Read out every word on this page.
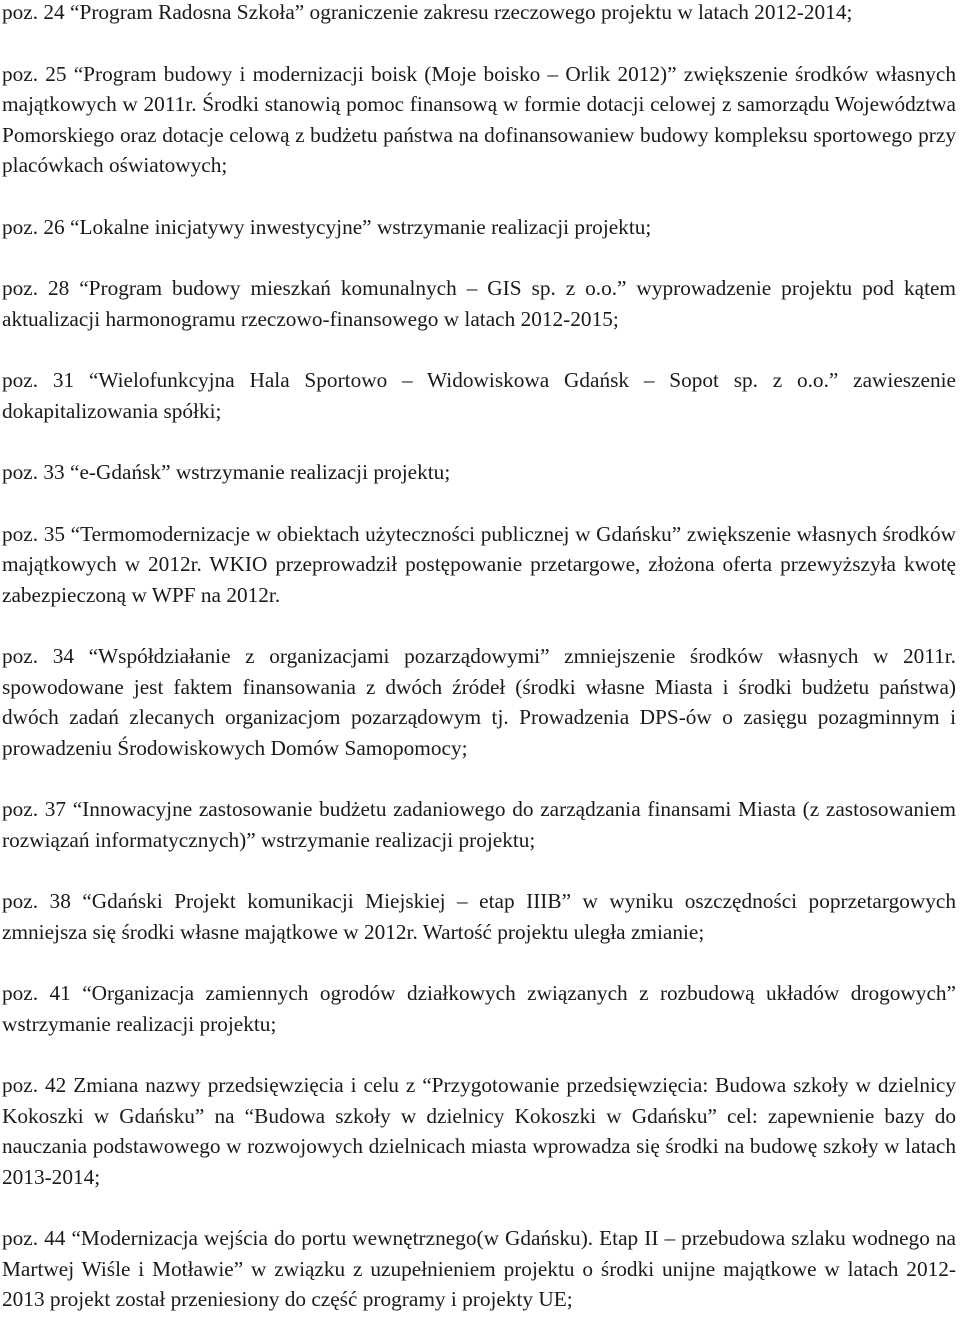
poz. 24 “Program Radosna Szkoła” ograniczenie zakresu rzeczowego projektu w latach 2012-2014;

poz. 25 “Program budowy i modernizacji boisk (Moje boisko – Orlik 2012)” zwiększenie środków własnych majątkowych w 2011r. Środki stanowią pomoc finansową w formie dotacji celowej z samorządu Województwa Pomorskiego oraz dotacje celową z budżetu państwa na dofinansowaniew budowy kompleksu sportowego przy placówkach oświatowych;

poz. 26 “Lokalne inicjatywy inwestycyjne” wstrzymanie realizacji projektu;

poz. 28 “Program budowy mieszkań komunalnych – GIS sp. z o.o.” wyprowadzenie projektu pod kątem aktualizacji harmonogramu rzeczowo-finansowego w latach 2012-2015;

poz. 31 “Wielofunkcyjna Hala Sportowo – Widowiskowa Gdańsk – Sopot sp. z o.o.” zawieszenie dokapitalizowania spółki;

poz. 33 “e-Gdańsk” wstrzymanie realizacji projektu;

poz. 35 “Termomodernizacje w obiektach użyteczności publicznej w Gdańsku” zwiększenie własnych środków majątkowych w 2012r. WKIO przeprowadził postępowanie przetargowe, złożona oferta przewyższyła kwotę zabezpieczoną w WPF na 2012r.

poz. 34 “Współdziałanie z organizacjami pozarządowymi” zmniejszenie środków własnych w 2011r. spowodowane jest faktem finansowania z dwóch źródeł (środki własne Miasta i środki budżetu państwa) dwóch zadań zlecanych organizacjom pozarządowym tj. Prowadzenia DPS-ów o zasięgu pozagminnym i prowadzeniu Środowiskowych Domów Samopomocy;

poz. 37 “Innowacyjne zastosowanie budżetu zadaniowego do zarządzania finansami Miasta (z zastosowaniem rozwiązań informatycznych)” wstrzymanie realizacji projektu;

poz. 38 “Gdański Projekt komunikacji Miejskiej – etap IIIB” w wyniku oszczędności poprzetargowych zmniejsza się środki własne majątkowe w 2012r. Wartość projektu uległa zmianie;

poz. 41 “Organizacja zamiennych ogrodów działkowych związanych z rozbudową układów drogowych” wstrzymanie realizacji projektu;

poz. 42 Zmiana nazwy przedsięwzięcia i celu z “Przygotowanie przedsięwzięcia: Budowa szkoły w dzielnicy Kokoszki w Gdańsku” na “Budowa szkoły w dzielnicy Kokoszki w Gdańsku” cel: zapewnienie bazy do nauczania podstawowego w rozwojowych dzielnicach miasta wprowadza się środki na budowę szkoły w latach 2013-2014;

poz. 44 “Modernizacja wejścia do portu wewnętrznego(w Gdańsku). Etap II – przebudowa szlaku wodnego na Martwej Wiśle i Motławie” w związku z uzupełnieniem projektu o środki unijne majątkowe w latach 2012-2013 projekt został przeniesiony do część programy i projekty UE;
